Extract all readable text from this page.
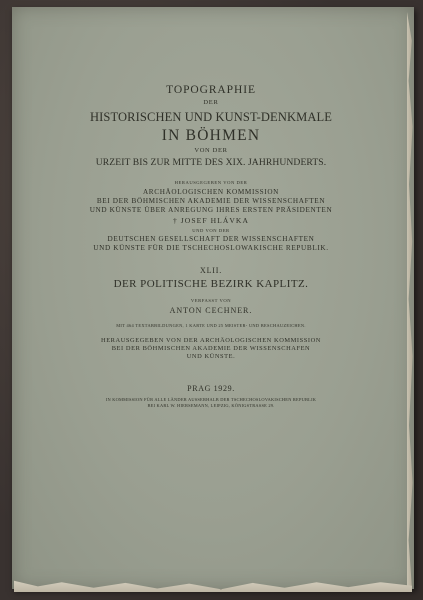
TOPOGRAPHIE
DER
HISTORISCHEN UND KUNST-DENKMALE
IN BÖHMEN
VON DER
URZEIT BIS ZUR MITTE DES XIX. JAHRHUNDERTS.
HERAUSGEGEBEN VON DER
ARCHÄOLOGISCHEN KOMMISSION
BEI DER BÖHMISCHEN AKADEMIE DER WISSENSCHAFTEN
UND KÜNSTE ÜBER ANREGUNG IHRES ERSTEN PRÄSIDENTEN
† JOSEF HLÁVKA
UND VON DER
DEUTSCHEN GESELLSCHAFT DER WISSENSCHAFTEN
UND KÜNSTE FÜR DIE TSCHECHOSLOWAKISCHE REPUBLIK.
XLII.
DER POLITISCHE BEZIRK KAPLITZ.
VERFASST VON
ANTON CECHNER.
MIT 464 TEXTABBILDUNGEN, 1 KARTE UND 25 MEISTER- UND BESCHAUZEICHEN.
HERAUSGEGEBEN VON DER ARCHÄOLOGISCHEN KOMMISSION
BEI DER BÖHMISCHEN AKADEMIE DER WISSENSCHAFEN
UND KÜNSTE.
PRAG 1929.
IN KOMMISSION FÜR ALLE LÄNDER AUSSERHALB DER TSCHECHOSLOVAKISCHEN REPUBLIK
BEI KARL W. HIERSEMANN, LEIPZIG, KÖNIGSTRASSE 29.
